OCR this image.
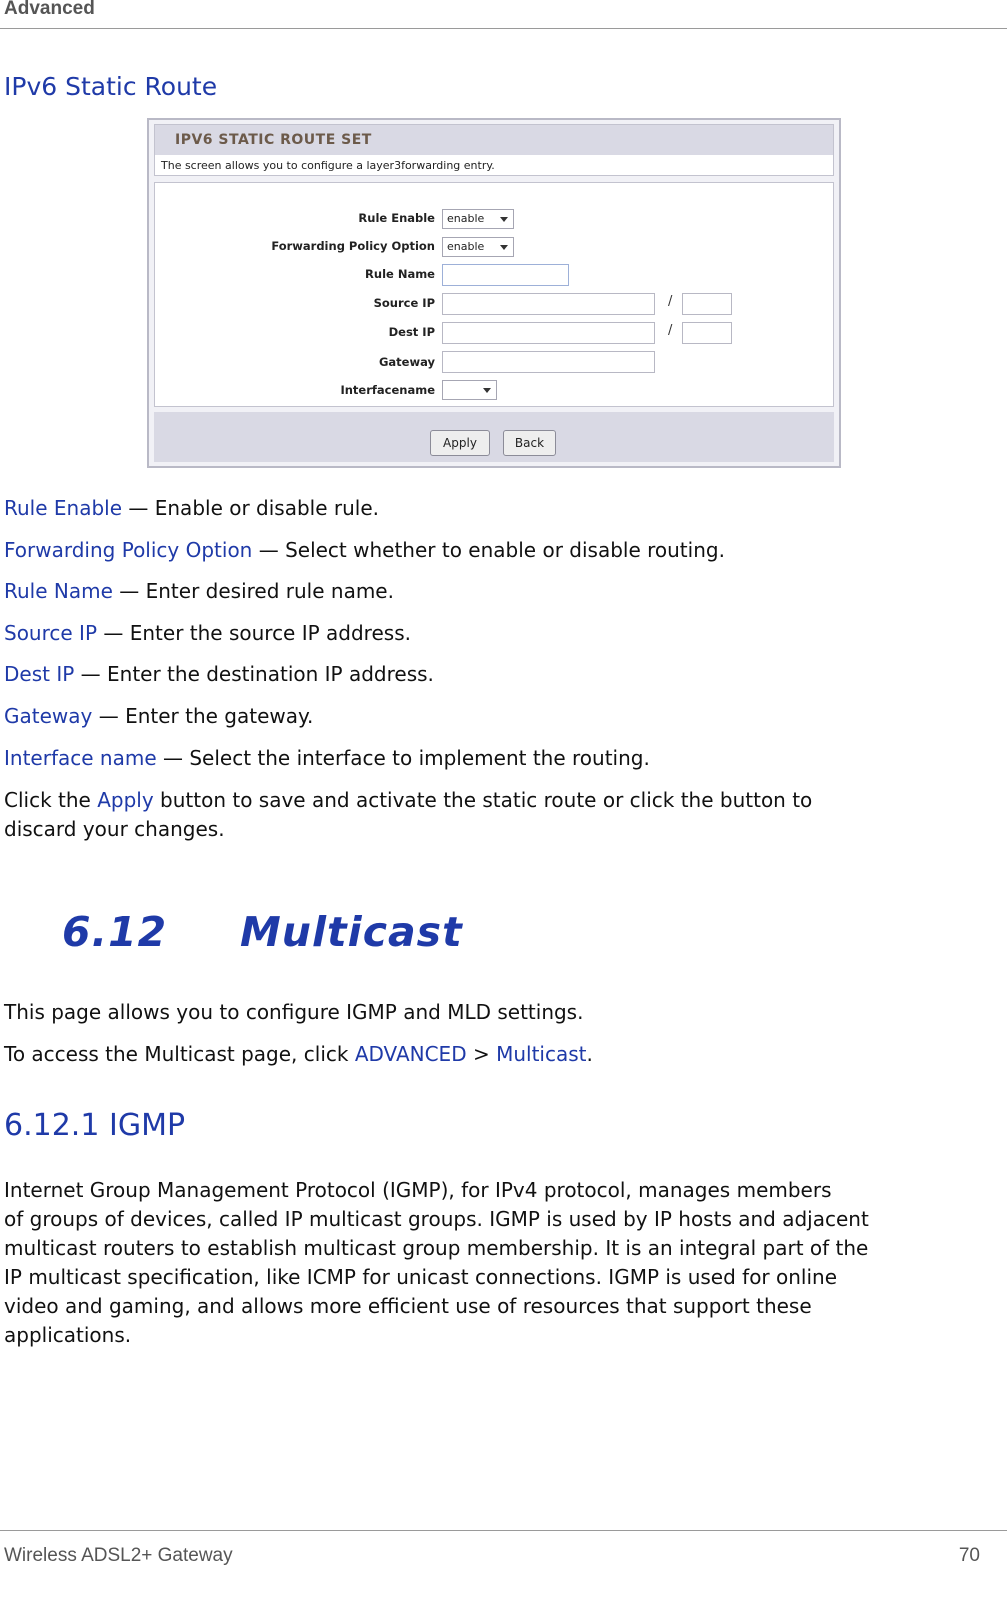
Advanced
IPv6 Static Route
IPV6 STATIC ROUTE SET
The screen allows you to configure a layer3forwarding entry.
Rule Enable enable
Forwarding Policy Option enable
Rule Name
Source IP	/
Dest IP	/
Gateway
Interfacename
Apply	Back
Rule Enable — Enable or disable rule.
Forwarding Policy Option — Select whether to enable or disable routing.
Rule Name — Enter desired rule name.
Source IP — Enter the source IP address.
Dest IP — Enter the destination IP address.
Gateway — Enter the gateway.
Interface name — Select the interface to implement the routing.
Click the Apply button to save and activate the static route or click the button to
discard your changes.
6.12 Multicast
This page allows you to configure IGMP and MLD settings.
To access the Multicast page, click ADVANCED > Multicast.
6.12.1 IGMP
Internet Group Management Protocol (IGMP), for IPv4 protocol, manages members
of groups of devices, called IP multicast groups. IGMP is used by IP hosts and adjacent
multicast routers to establish multicast group membership. It is an integral part of the
IP multicast specification, like ICMP for unicast connections. IGMP is used for online
video and gaming, and allows more efficient use of resources that support these
applications.
Wireless ADSL2+ Gateway	70
